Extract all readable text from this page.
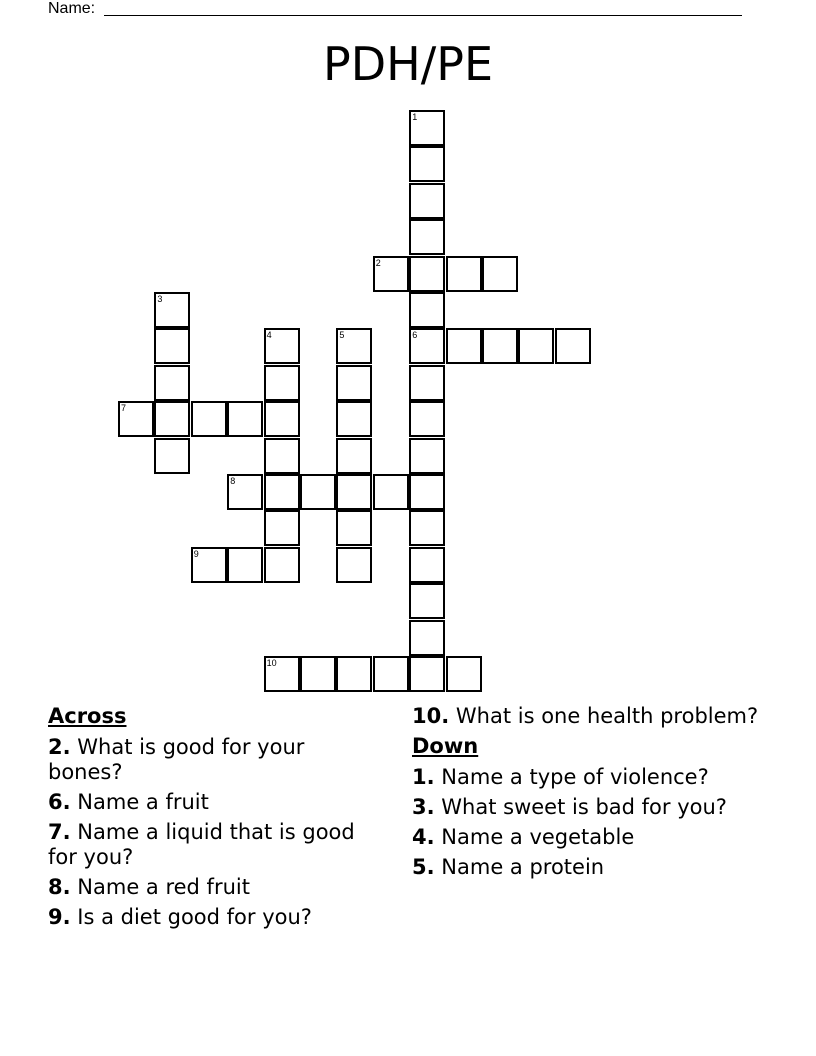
Name:
PDH/PE
1
6
2
3
4	5
7
8
9
10
Across
2. What is good for your bones?
6. Name a fruit
7. Name a liquid that is good for you?
8. Name a red fruit
9. Is a diet good for you?
10. What is one health problem?
Down
1. Name a type of violence?
3. What sweet is bad for you?
4. Name a vegetable
5. Name a protein
